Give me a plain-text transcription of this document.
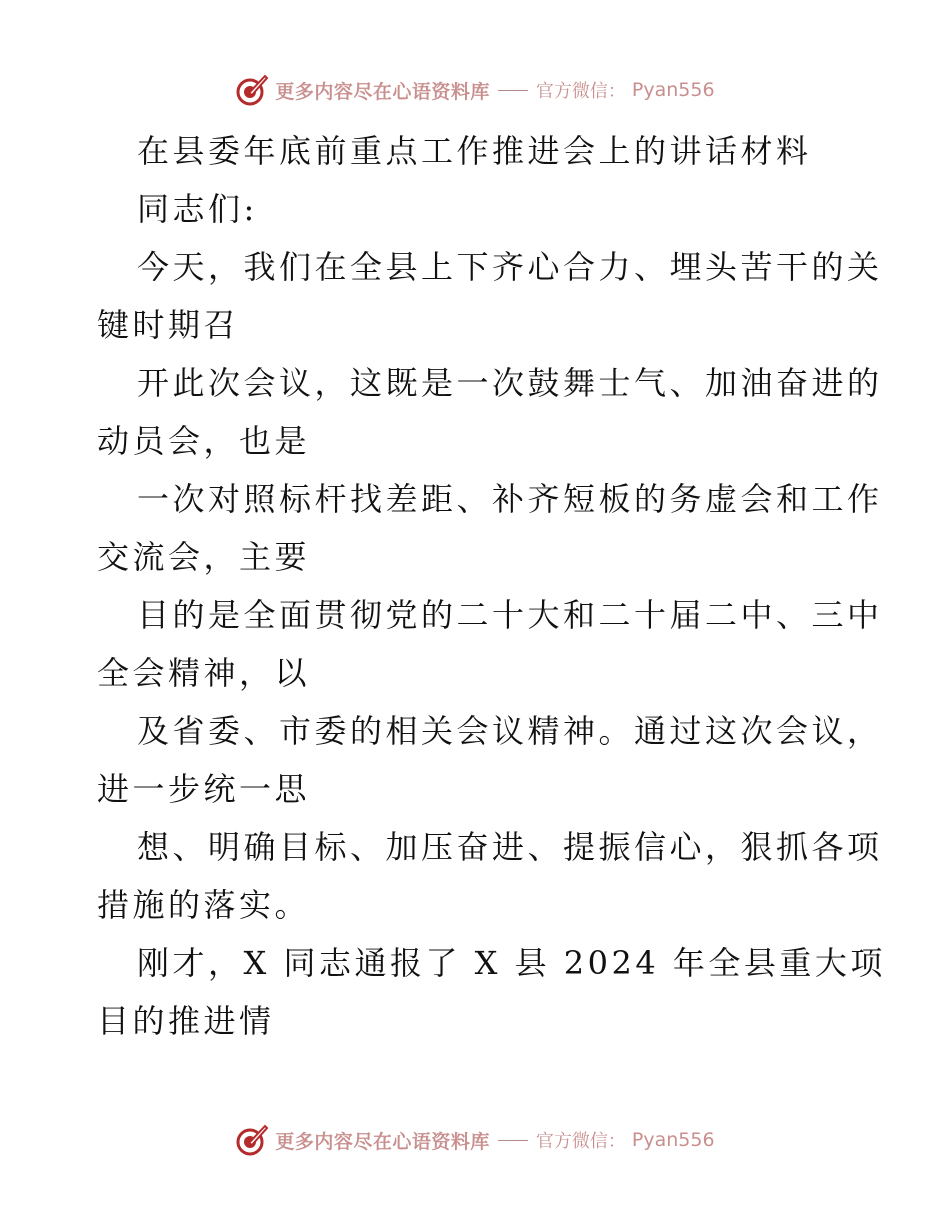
更多内容尽在心语资料库	官方微信： Pyan556
在县委年底前重点工作推进会上的讲话材料
同志们:
今天，我们在全县上下齐心合力、埋头苦干的关
键时期召
开此次会议，这既是一次鼓舞士气、加油奋进的
动员会，也是
一次对照标杆找差距、补齐短板的务虚会和工作
交流会，主要
目的是全面贯彻党的二十大和二十届二中、三中
全会精神，以
及省委、市委的相关会议精神。通过这次会议，
进一步统一思
想、明确目标、加压奋进、提振信心，狠抓各项
措施的落实。
刚才，X 同志通报了 X 县 2024 年全县重大项
目的推进情
更多内容尽在心语资料库	官方微信： Pyan556
